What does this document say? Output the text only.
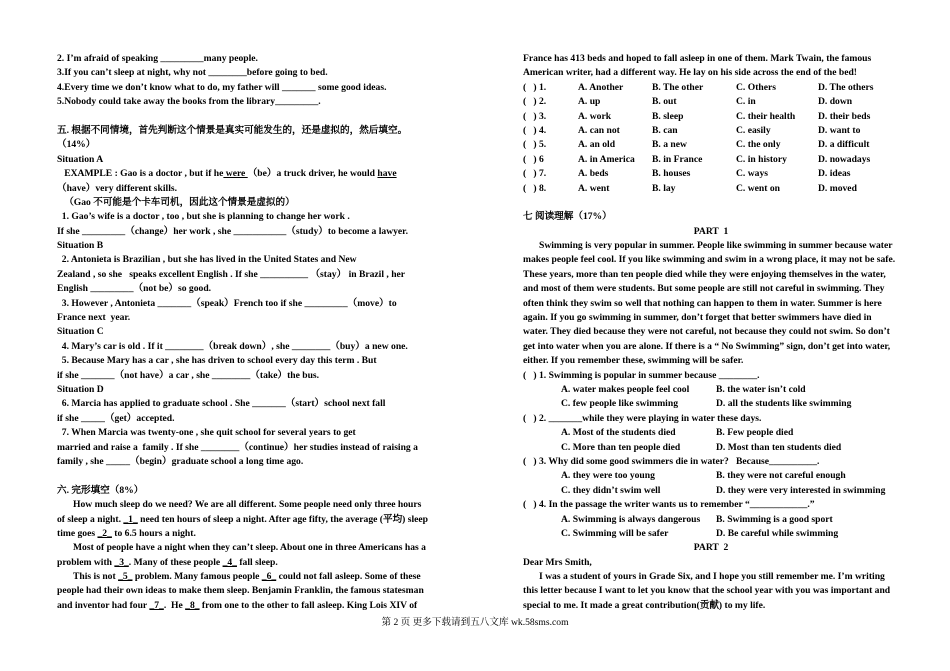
2. I’m afraid of speaking _________many people.
3.If you can’t sleep at night, why not ________before going to bed.
4.Every time we don’t know what to do, my father will _______ some good ideas.
5.Nobody could take away the books from the library_________.
五. 根据不同情境，首先判断这个情景是真实可能发生的，还是虚拟的，然后填空。
（14%）
Situation A
EXAMPLE : Gao is a doctor , but if he were （be）a truck driver, he would have
（have）very different skills.
（Gao 不可能是个卡车司机，因此这个情景是虚拟的）
1. Gao’s wife is a doctor , too , but she is planning to change her work .
If she _________（change）her work , she ___________（study）to become a lawyer.
Situation B
2. Antonieta is Brazilian , but she has lived in the United States and New
Zealand , so she   speaks excellent English . If she __________ （stay） in Brazil , her
English _________（not be）so good.
3. However , Antonieta _______（speak）French too if she _________（move）to
France next  year.
Situation C
4. Mary’s car is old . If it ________（break down）, she ________（buy）a new one.
5. Because Mary has a car , she has driven to school every day this term . But
if she _______（not have）a car , she ________（take）the bus.
Situation D
6. Marcia has applied to graduate school . She _______（start）school next fall
if she _____（get）accepted.
7. When Marcia was twenty-one , she quit school for several years to get
married and raise a  family . If she ________（continue）her studies instead of raising a
family , she _____（begin）graduate school a long time ago.
六. 完形填空（8%）
How much sleep do we need? We are all different. Some people need only three hours
of sleep a night. _1_ need ten hours of sleep a night. After age fifty, the average (平均) sleep
time goes _2_ to 6.5 hours a night.
Most of people have a night when they can’t sleep. About one in three Americans has a
problem with _3_. Many of these people _4_ fall sleep.
This is not _5_ problem. Many famous people _6_ could not fall asleep. Some of these
people had their own ideas to make them sleep. Benjamin Franklin, the famous statesman
and inventor had four _7_.  He _8_ from one to the other to fall asleep. King Lois XIV of
France has 413 beds and hoped to fall asleep in one of them. Mark Twain, the famous
American writer, had a different way. He lay on his side across the end of the bed!
(   ) 1.	A. Another	B. The other	C. Others	D. The others
(   ) 2.	A. up	B. out	C. in	D. down
(   ) 3.	A. work	B. sleep	C. their health	D. their beds
(   ) 4.	A. can not	B. can	C. easily	D. want to
(   ) 5.	A. an old	B. a new	C. the only	D. a difficult
(   ) 6	A. in America	B. in France	C. in history	D. nowadays
(   ) 7.	A. beds	B. houses	C. ways	D. ideas
(   ) 8.	A. went	B. lay	C. went on	D. moved
七 阅读理解（17%）
PART  1
Swimming is very popular in summer. People like swimming in summer because water
makes people feel cool. If you like swimming and swim in a wrong place, it may not be safe.
These years, more than ten people died while they were enjoying themselves in the water,
and most of them were students. But some people are still not careful in swimming. They
often think they swim so well that nothing can happen to them in water. Summer is here
again. If you go swimming in summer, don’t forget that better swimmers have died in
water. They died because they were not careful, not because they could not swim. So don’t
get into water when you are alone. If there is a “ No Swimming” sign, don’t get into water,
either. If you remember these, swimming will be safer.
(   ) 1. Swimming is popular in summer because ________.
A. water makes people feel cool	B. the water isn’t cold
C. few people like swimming	D. all the students like swimming
(   ) 2. _______while they were playing in water these days.
A. Most of the students died	B. Few people died
C. More than ten people died	D. Most than ten students died
(   ) 3. Why did some good swimmers die in water?   Because__________.
A. they were too young	B. they were not careful enough
C. they didn’t swim well	D. they were very interested in swimming
(   ) 4. In the passage the writer wants us to remember “____________.”
A. Swimming is always dangerous	B. Swimming is a good sport
C. Swimming will be safer	D. Be careful while swimming
PART  2
Dear Mrs Smith,
I was a student of yours in Grade Six, and I hope you still remember me. I’m writing
this letter because I want to let you know that the school year with you was important and
special to me. It made a great contribution(贡献) to my life.
第 2 页 更多下载请到五八文库 wk.58sms.com
